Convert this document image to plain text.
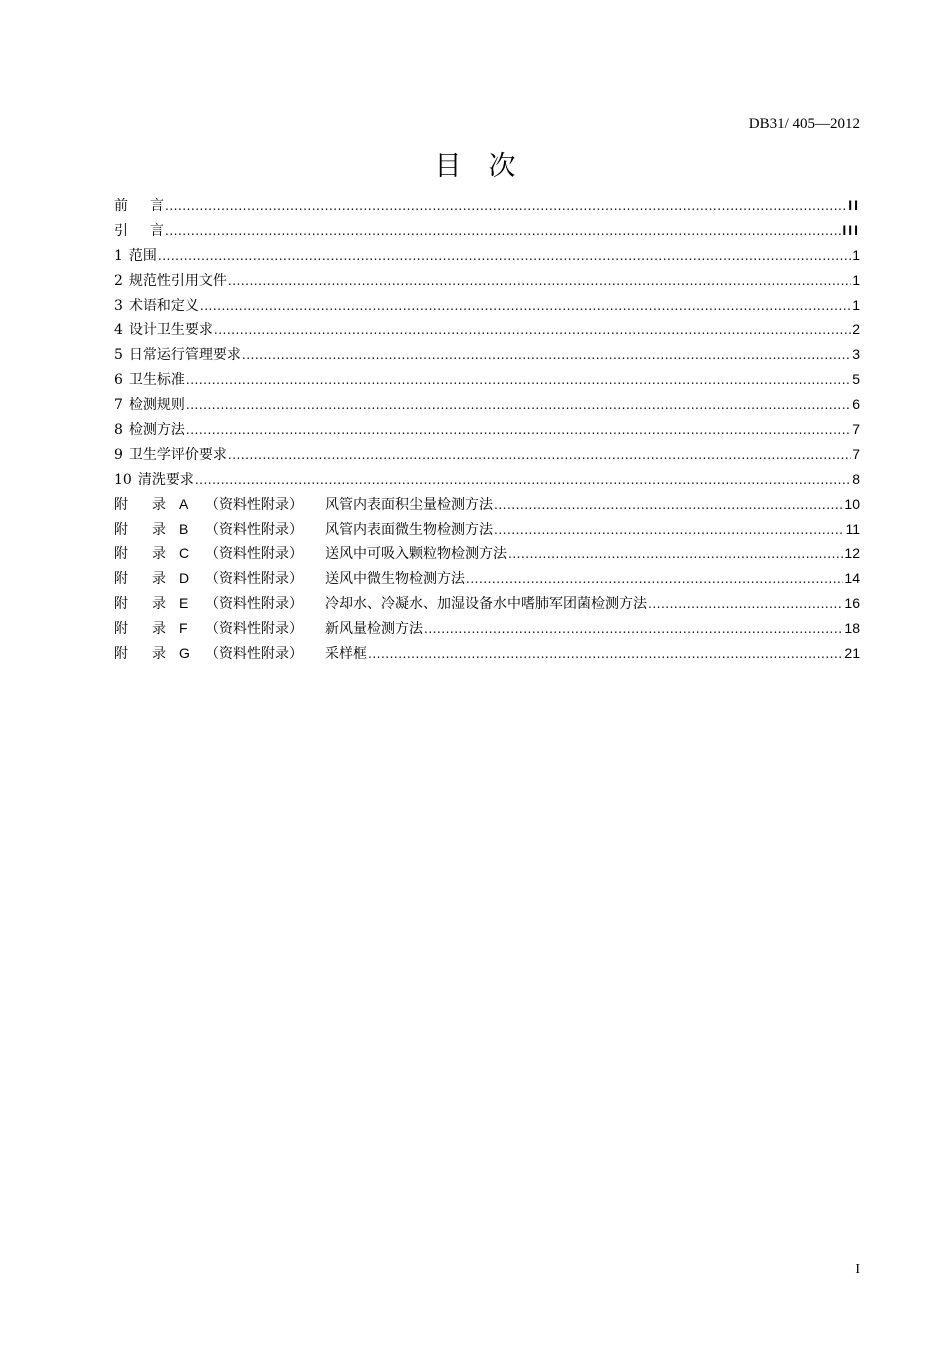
DB31/ 405—2012
目次
前 言 .....	II
引 言 .....	III
1 范围 .....	1
2 规范性引用文件 .....	1
3 术语和定义 .....	1
4 设计卫生要求 .....	2
5 日常运行管理要求 .....	3
6 卫生标准 .....	5
7 检测规则 .....	6
8 检测方法 .....	7
9 卫生学评价要求 .....	7
10 清洗要求 .....	8
附	录 A	（资料性附录）	风管内表面积尘量检测方法 .....	10
附	录 B	（资料性附录）	风管内表面微生物检测方法 .....	11
附	录 C	（资料性附录）	送风中可吸入颗粒物检测方法 .....	12
附	录 D	（资料性附录）	送风中微生物检测方法 .....	14
附	录 E	（资料性附录）	冷却水、冷凝水、加湿设备水中嗜肺军团菌检测方法 .....	16
附	录 F	（资料性附录）	新风量检测方法 .....	18
附	录 G	（资料性附录）	采样框 .....	21
I
